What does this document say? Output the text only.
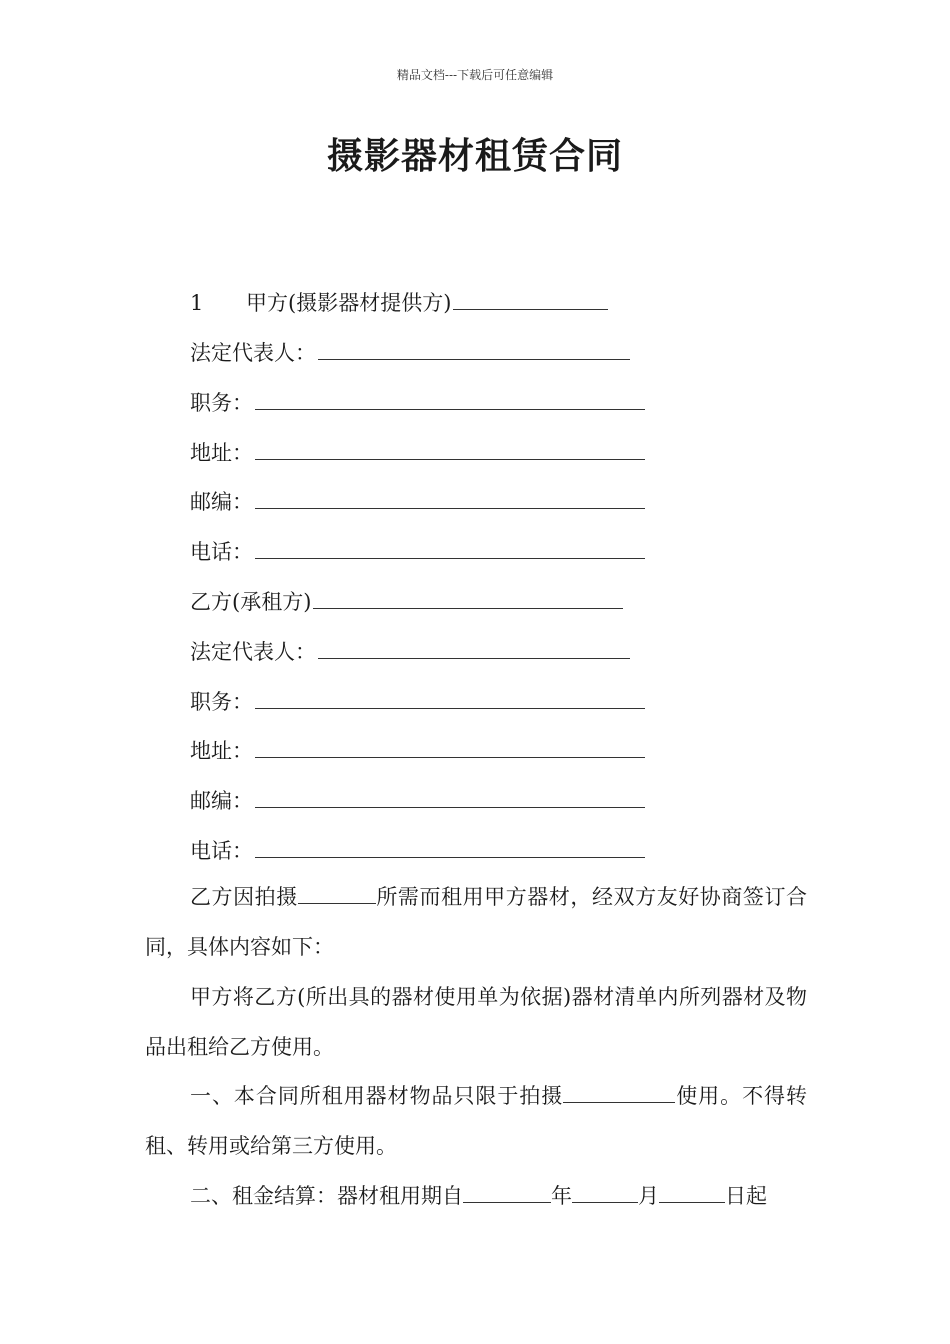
精品文档---下载后可任意编辑
摄影器材租赁合同
1 甲方(摄影器材提供方)
法定代表人：
职务：
地址：
邮编：
电话：
乙方(承租方)
法定代表人：
职务：
地址：
邮编：
电话：
乙方因拍摄	所需而租用甲方器材，经双方友好协商签订合同，具体内容如下：
甲方将乙方(所出具的器材使用单为依据)器材清单内所列器材及物品出租给乙方使用。
一、本合同所租用器材物品只限于拍摄	使用。不得转租、转用或给第三方使用。
二、租金结算：器材租用期自	年	月	日起
